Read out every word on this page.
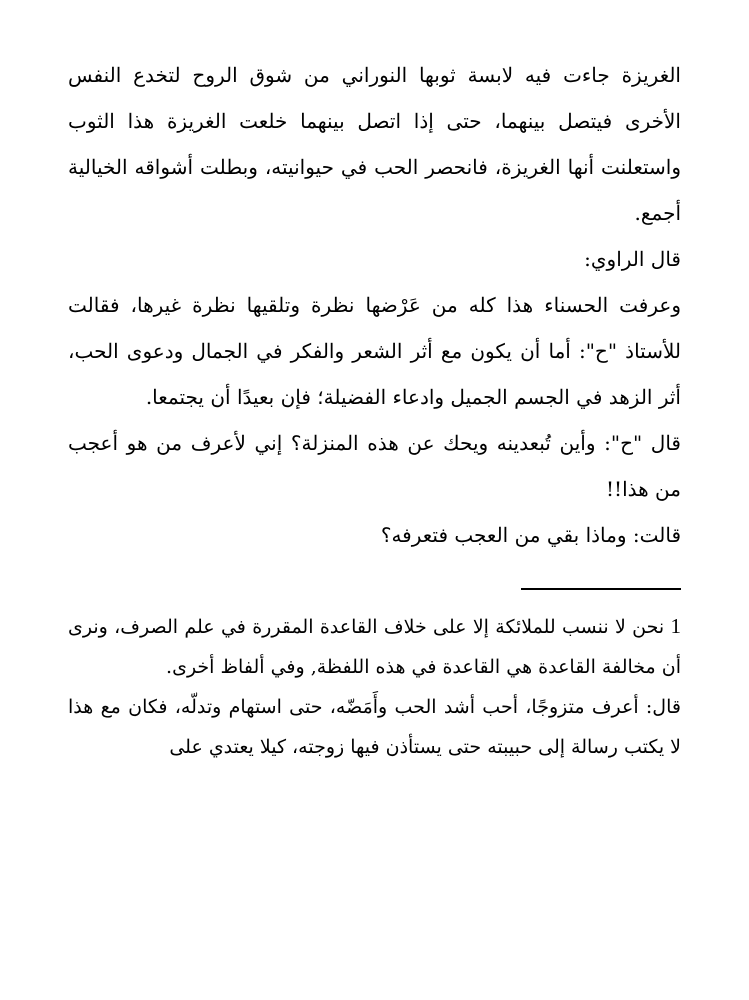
الغريزة جاءت فيه لابسة ثوبها النوراني من شوق الروح لتخدع النفس الأخرى فيتصل بينهما، حتى إذا اتصل بينهما خلعت الغريزة هذا الثوب واستعلنت أنها الغريزة، فانحصر الحب في حيوانيته، وبطلت أشواقه الخيالية أجمع.

قال الراوي:

وعرفت الحسناء هذا كله من عَرْضها نظرة وتلقيها نظرة غيرها، فقالت للأستاذ "ح": أما أن يكون مع أثر الشعر والفكر في الجمال ودعوى الحب، أثر الزهد في الجسم الجميل وادعاء الفضيلة؛ فإن بعيدًا أن يجتمعا.

قال "ح": وأين تُبعدينه ويحك عن هذه المنزلة؟ إني لأعرف من هو أعجب من هذا!!

قالت: وماذا بقي من العجب فتعرفه؟

1 نحن لا ننسب للملائكة إلا على خلاف القاعدة المقررة في علم الصرف، ونرى أن مخالفة القاعدة هي القاعدة في هذه اللفظة, وفي ألفاظ أخرى.

قال: أعرف متزوجًا، أحب أشد الحب وأَمَضّه، حتى استهام وتدلّه، فكان مع هذا لا يكتب رسالة إلى حبيبته حتى يستأذن فيها زوجته، كيلا يعتدي على
